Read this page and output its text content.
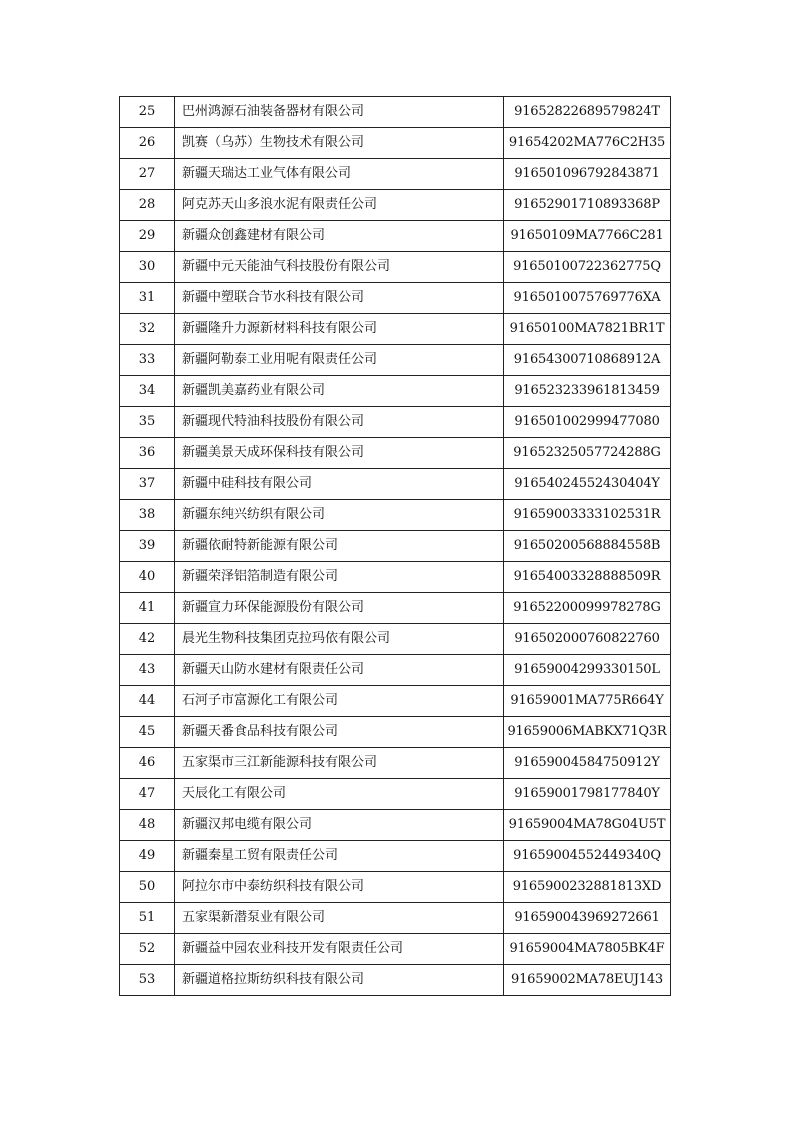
25	巴州鸿源石油装备器材有限公司	91652822689579824T
26	凯赛（乌苏）生物技术有限公司	91654202MA776C2H35
27	新疆天瑞达工业气体有限公司	916501096792843871
28	阿克苏天山多浪水泥有限责任公司	91652901710893368P
29	新疆众创鑫建材有限公司	91650109MA7766C281
30	新疆中元天能油气科技股份有限公司	91650100722362775Q
31	新疆中塑联合节水科技有限公司	9165010075769776XA
32	新疆隆升力源新材料科技有限公司	91650100MA7821BR1T
33	新疆阿勒泰工业用呢有限责任公司	91654300710868912A
34	新疆凯美嘉药业有限公司	916523233961813459
35	新疆现代特油科技股份有限公司	916501002999477080
36	新疆美景天成环保科技有限公司	91652325057724288G
37	新疆中硅科技有限公司	91654024552430404Y
38	新疆东纯兴纺织有限公司	91659003333102531R
39	新疆依耐特新能源有限公司	91650200568884558B
40	新疆荣泽铝箔制造有限公司	91654003328888509R
41	新疆宣力环保能源股份有限公司	91652200099978278G
42	晨光生物科技集团克拉玛依有限公司	916502000760822760
43	新疆天山防水建材有限责任公司	91659004299330150L
44	石河子市富源化工有限公司	91659001MA775R664Y
45	新疆天番食品科技有限公司	91659006MABKX71Q3R
46	五家渠市三江新能源科技有限公司	91659004584750912Y
47	天辰化工有限公司	91659001798177840Y
48	新疆汉邦电缆有限公司	91659004MA78G04U5T
49	新疆秦星工贸有限责任公司	91659004552449340Q
50	阿拉尔市中泰纺织科技有限公司	9165900232881813XD
51	五家渠新潜泵业有限公司	916590043969272661
52	新疆益中园农业科技开发有限责任公司	91659004MA7805BK4F
53	新疆道格拉斯纺织科技有限公司	91659002MA78EUJ143
